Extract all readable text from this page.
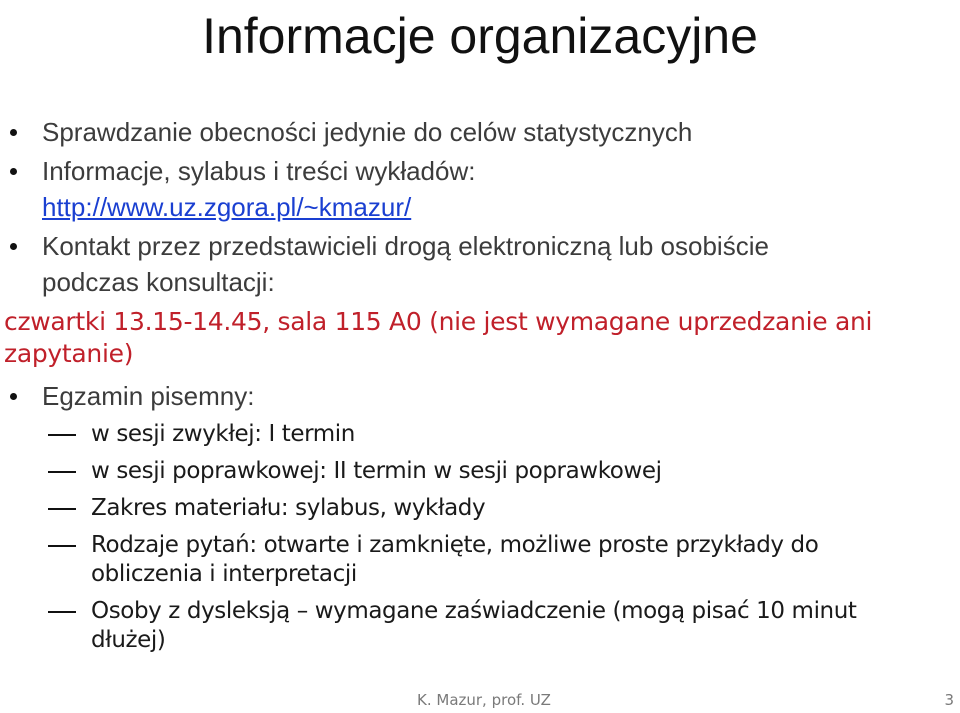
Informacje organizacyjne
Sprawdzanie obecności jedynie do celów statystycznych
Informacje, sylabus i treści wykładów:
http://www.uz.zgora.pl/~kmazur/
Kontakt przez przedstawicieli drogą elektroniczną lub osobiście
podczas konsultacji:
czwartki 13.15-14.45, sala 115 A0 (nie jest wymagane uprzedzanie ani
zapytanie)
Egzamin pisemny:
w sesji zwykłej: I termin
w sesji poprawkowej: II termin w sesji poprawkowej
Zakres materiału: sylabus, wykłady
Rodzaje pytań: otwarte i zamknięte, możliwe proste przykłady do
obliczenia i interpretacji
Osoby z dysleksją – wymagane zaświadczenie (mogą pisać 10 minut
dłużej)
K. Mazur, prof. UZ	3
